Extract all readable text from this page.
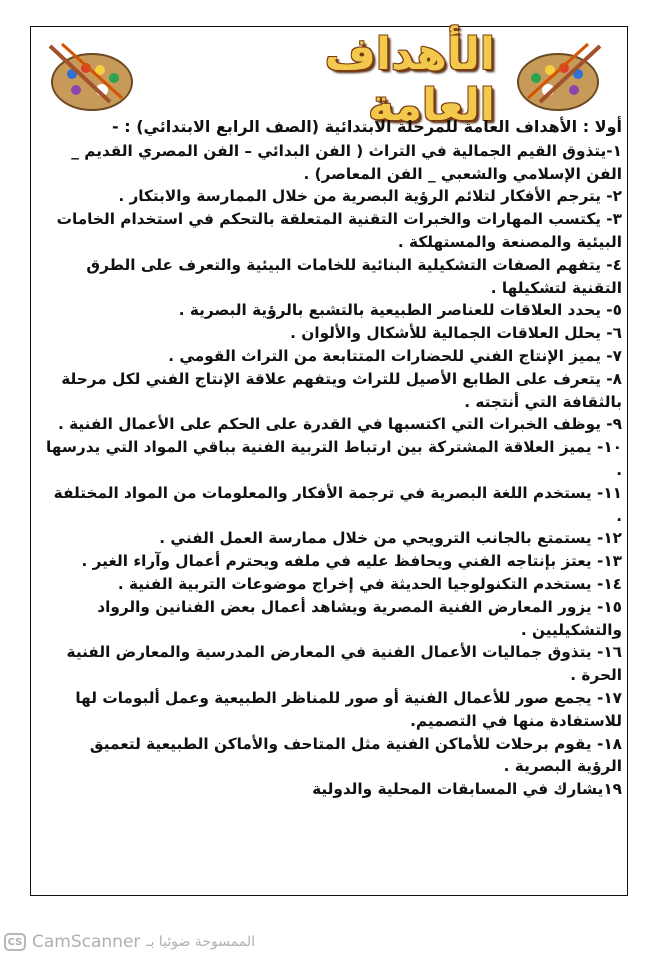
الأهداف العامة
أولا : الأهداف العامة للمرحلة الابتدائية (الصف الرابع الابتدائي) : -
١-يتذوق القيم الجمالية في التراث ( الفن البدائي – الفن المصري القديم _ الفن الإسلامي والشعبي _ الفن المعاصر) .
٢- يترجم الأفكار لتلائم الرؤية البصرية من خلال الممارسة والابتكار .
٣- يكتسب المهارات والخبرات التقنية المتعلقة بالتحكم في استخدام الخامات البيئية والمصنعة والمستهلكة .
٤- يتفهم الصفات التشكيلية البنائية للخامات البيئية والتعرف على الطرق التقنية لتشكيلها .
٥- يحدد العلاقات للعناصر الطبيعية بالتشبع بالرؤية البصرية .
٦- يحلل العلاقات الجمالية للأشكال والألوان .
٧- يميز الإنتاج الفني للحضارات المتتابعة من التراث القومي .
٨- يتعرف على الطابع الأصيل للتراث ويتفهم علاقة الإنتاج الفني لكل مرحلة بالثقافة التي أنتجته .
٩- يوظف الخبرات التي اكتسبها في القدرة على الحكم على الأعمال الفنية .
١٠- يميز العلاقة المشتركة بين ارتباط التربية الفنية بباقي المواد التي يدرسها .
١١- يستخدم اللغة البصرية في ترجمة الأفكار والمعلومات من المواد المختلفة .
١٢- يستمتع بالجانب الترويحي من خلال ممارسة العمل الفني .
١٣- يعتز بإنتاجه الفني ويحافظ عليه في ملفه ويحترم أعمال وآراء الغير .
١٤- يستخدم التكنولوجيا الحديثة في إخراج موضوعات التربية الفنية .
١٥- يزور المعارض الفنية المصرية ويشاهد أعمال بعض الفنانين والرواد والتشكيليين .
١٦- يتذوق جماليات الأعمال الفنية في المعارض المدرسية والمعارض الفنية الحرة .
١٧- يجمع صور للأعمال الفنية أو صور للمناظر الطبيعية وعمل ألبومات لها للاستفادة منها في التصميم.
١٨- يقوم برحلات للأماكن الفنية مثل المتاحف والأماكن الطبيعية لتعميق الرؤية البصرية .
١٩يشارك في المسابقات المحلية والدولية
CS CamScanner الممسوحة ضوئيا بـ
